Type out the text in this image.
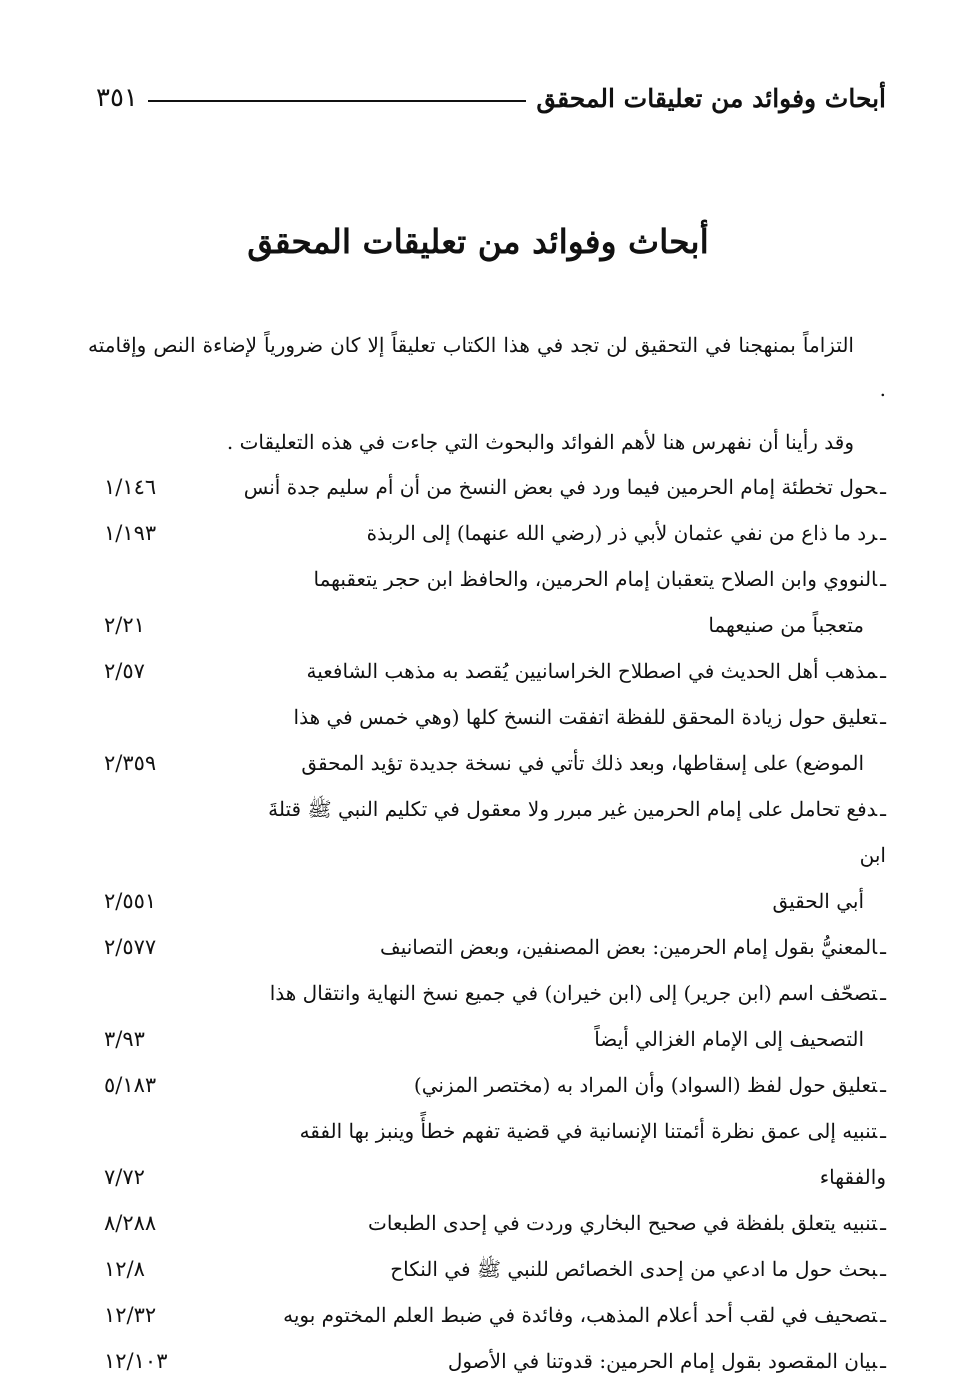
أبحاث وفوائد من تعليقات المحقق
٣٥١
أبحاث وفوائد من تعليقات المحقق

التزاماً بمنهجنا في التحقيق لن تجد في هذا الكتاب تعليقاً إلا كان ضرورياً لإضاءة النص وإقامته .

وقد رأينا أن نفهرس هنا لأهم الفوائد والبحوث التي جاءت في هذه التعليقات .

ـحول تخطئة إمام الحرمين فيما ورد في بعض النسخ من أن أم سليم جدة أنس
١/١٤٦
ـرد ما ذاع من نفي عثمان لأبي ذر (رضي الله عنهما) إلى الربذة
١/١٩٣
ـالنووي وابن الصلاح يتعقبان إمام الحرمين، والحافظ ابن حجر يتعقبهما
متعجباً من صنيعهما
٢/٢١
ـمذهب أهل الحديث في اصطلاح الخراسانيين يُقصد به مذهب الشافعية
٢/٥٧
ـتعليق حول زيادة المحقق للفظة اتفقت النسخ كلها (وهي خمس في هذا
الموضع) على إسقاطها، وبعد ذلك تأتي في نسخة جديدة تؤيد المحقق
٢/٣٥٩
ـدفع تحامل على إمام الحرمين غير مبرر ولا معقول في تكليم النبي ﷺ قتلةَ ابن
أبي الحقيق
٢/٥٥١
ـالمعنيُّ بقول إمام الحرمين: بعض المصنفين، وبعض التصانيف
٢/٥٧٧
ـتصحّف اسم (ابن جرير) إلى (ابن خيران) في جميع نسخ النهاية وانتقال هذا
التصحيف إلى الإمام الغزالي أيضاً
٣/٩٣
ـتعليق حول لفظ (السواد) وأن المراد به (مختصر المزني)
٥/١٨٣
ـتنبيه إلى عمق نظرة أئمتنا الإنسانية في قضية تفهم خطأً وينبز بها الفقه والفقهاء
٧/٧٢
ـتنبيه يتعلق بلفظة في صحيح البخاري وردت في إحدى الطبعات
٨/٢٨٨
ـبحث حول ما ادعي من إحدى الخصائص للنبي ﷺ في النكاح
١٢/٨
ـتصحيف في لقب أحد أعلام المذهب، وفائدة في ضبط العلم المختوم بويه
١٢/٣٢
ـبيان المقصود بقول إمام الحرمين: قدوتنا في الأصول
١٢/١٠٣
